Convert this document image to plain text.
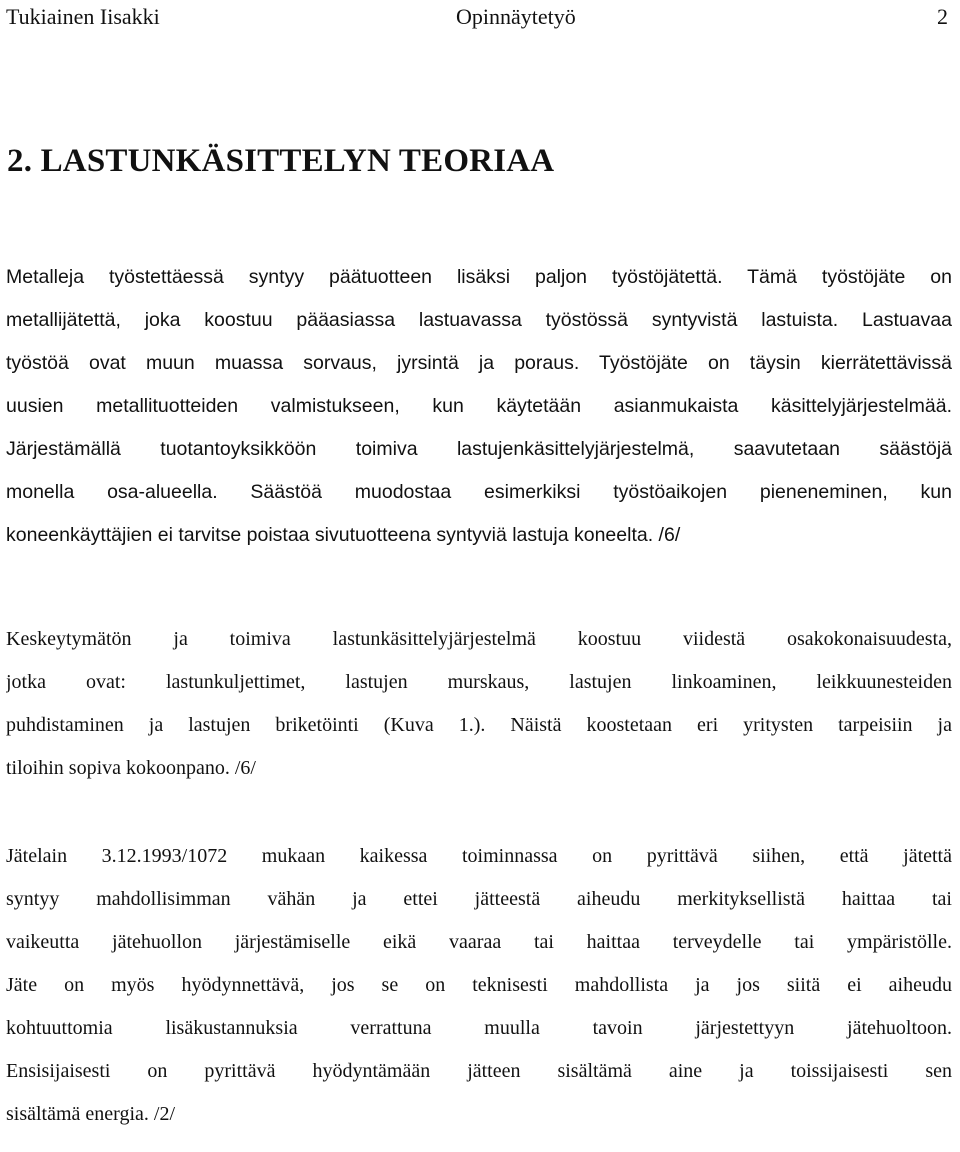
Tukiainen Iisakki	Opinnäytetyö	2
2. LASTUNKÄSITTELYN TEORIAA
Metalleja työstettäessä syntyy päätuotteen lisäksi paljon työstöjätettä. Tämä työstöjäte on
metallijätettä, joka koostuu pääasiassa lastuavassa työstössä syntyvistä lastuista. Lastuavaa
työstöä ovat muun muassa sorvaus, jyrsintä ja poraus. Työstöjäte on täysin kierrätettävissä
uusien metallituotteiden valmistukseen, kun käytetään asianmukaista käsittelyjärjestelmää.
Järjestämällä tuotantoyksikköön toimiva lastujenkäsittelyjärjestelmä, saavutetaan säästöjä
monella osa-alueella. Säästöä muodostaa esimerkiksi työstöaikojen pieneneminen, kun
koneenkäyttäjien ei tarvitse poistaa sivutuotteena syntyviä lastuja koneelta. /6/
Keskeytymätön ja toimiva lastunkäsittelyjärjestelmä koostuu viidestä osakokonaisuudesta,
jotka ovat: lastunkuljettimet, lastujen murskaus, lastujen linkoaminen, leikkuunesteiden
puhdistaminen ja lastujen briketöinti (Kuva 1.). Näistä koostetaan eri yritysten tarpeisiin ja
tiloihin sopiva kokoonpano. /6/
Jätelain 3.12.1993/1072 mukaan kaikessa toiminnassa on pyrittävä siihen, että jätettä
syntyy mahdollisimman vähän ja ettei jätteestä aiheudu merkityksellistä haittaa tai
vaikeutta jätehuollon järjestämiselle eikä vaaraa tai haittaa terveydelle tai ympäristölle.
Jäte on myös hyödynnettävä, jos se on teknisesti mahdollista ja jos siitä ei aiheudu
kohtuuttomia lisäkustannuksia verrattuna muulla tavoin järjestettyyn jätehuoltoon.
Ensisijaisesti on pyrittävä hyödyntämään jätteen sisältämä aine ja toissijaisesti sen
sisältämä energia. /2/
